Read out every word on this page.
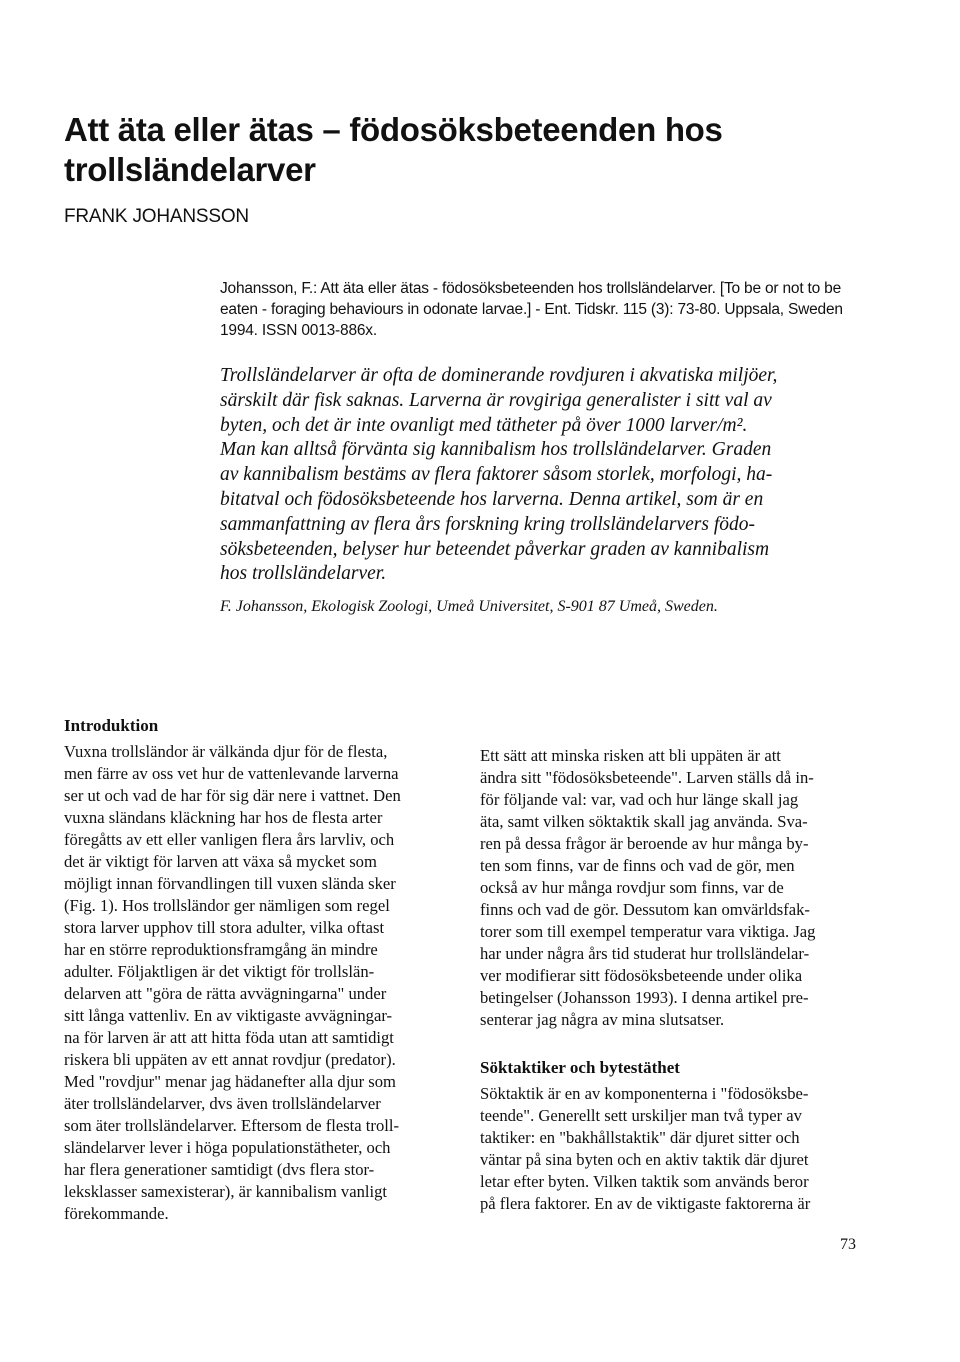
Att äta eller ätas – födosöksbeteenden hos
trollsländelarver
FRANK JOHANSSON
Johansson, F.: Att äta eller ätas - födosöksbeteenden hos trollsländelarver. [To be or not to be
eaten - foraging behaviours in odonate larvae.] - Ent. Tidskr. 115 (3): 73-80. Uppsala, Sweden
1994. ISSN 0013-886x.
Trollsländelarver är ofta de dominerande rovdjuren i akvatiska miljöer,
särskilt där fisk saknas. Larverna är rovgiriga generalister i sitt val av
byten, och det är inte ovanligt med tätheter på över 1000 larver/m².
Man kan alltså förvänta sig kannibalism hos trollsländelarver. Graden
av kannibalism bestäms av flera faktorer såsom storlek, morfologi, ha-
bitatval och födosöksbeteende hos larverna. Denna artikel, som är en
sammanfattning av flera års forskning kring trollsländelarvers födo-
söksbeteenden, belyser hur beteendet påverkar graden av kannibalism
hos trollsländelarver.
F. Johansson, Ekologisk Zoologi, Umeå Universitet, S-901 87 Umeå, Sweden.
Introduktion
Vuxna trollsländor är välkända djur för de flesta,
men färre av oss vet hur de vattenlevande larverna
ser ut och vad de har för sig där nere i vattnet. Den
vuxna sländans kläckning har hos de flesta arter
föregåtts av ett eller vanligen flera års larvliv, och
det är viktigt för larven att växa så mycket som
möjligt innan förvandlingen till vuxen slända sker
(Fig. 1). Hos trollsländor ger nämligen som regel
stora larver upphov till stora adulter, vilka oftast
har en större reproduktionsframgång än mindre
adulter. Följaktligen är det viktigt för trollslän-
delarven att "göra de rätta avvägningarna" under
sitt långa vattenliv. En av viktigaste avvägningar-
na för larven är att att hitta föda utan att samtidigt
riskera bli uppäten av ett annat rovdjur (predator).
Med "rovdjur" menar jag hädanefter alla djur som
äter trollsländelarver, dvs även trollsländelarver
som äter trollsländelarver. Eftersom de flesta troll-
sländelarver lever i höga populationstätheter, och
har flera generationer samtidigt (dvs flera stor-
leksklasser samexisterar), är kannibalism vanligt
förekommande.
Ett sätt att minska risken att bli uppäten är att
ändra sitt "födosöksbeteende". Larven ställs då in-
för följande val: var, vad och hur länge skall jag
äta, samt vilken söktaktik skall jag använda. Sva-
ren på dessa frågor är beroende av hur många by-
ten som finns, var de finns och vad de gör, men
också av hur många rovdjur som finns, var de
finns och vad de gör. Dessutom kan omvärldsfak-
torer som till exempel temperatur vara viktiga. Jag
har under några års tid studerat hur trollsländelar-
ver modifierar sitt födosöksbeteende under olika
betingelser (Johansson 1993). I denna artikel pre-
senterar jag några av mina slutsatser.
Söktaktiker och bytestäthet
Söktaktik är en av komponenterna i "födosöksbe-
teende". Generellt sett urskiljer man två typer av
taktiker: en "bakhållstaktik" där djuret sitter och
väntar på sina byten och en aktiv taktik där djuret
letar efter byten. Vilken taktik som används beror
på flera faktorer. En av de viktigaste faktorerna är
73
